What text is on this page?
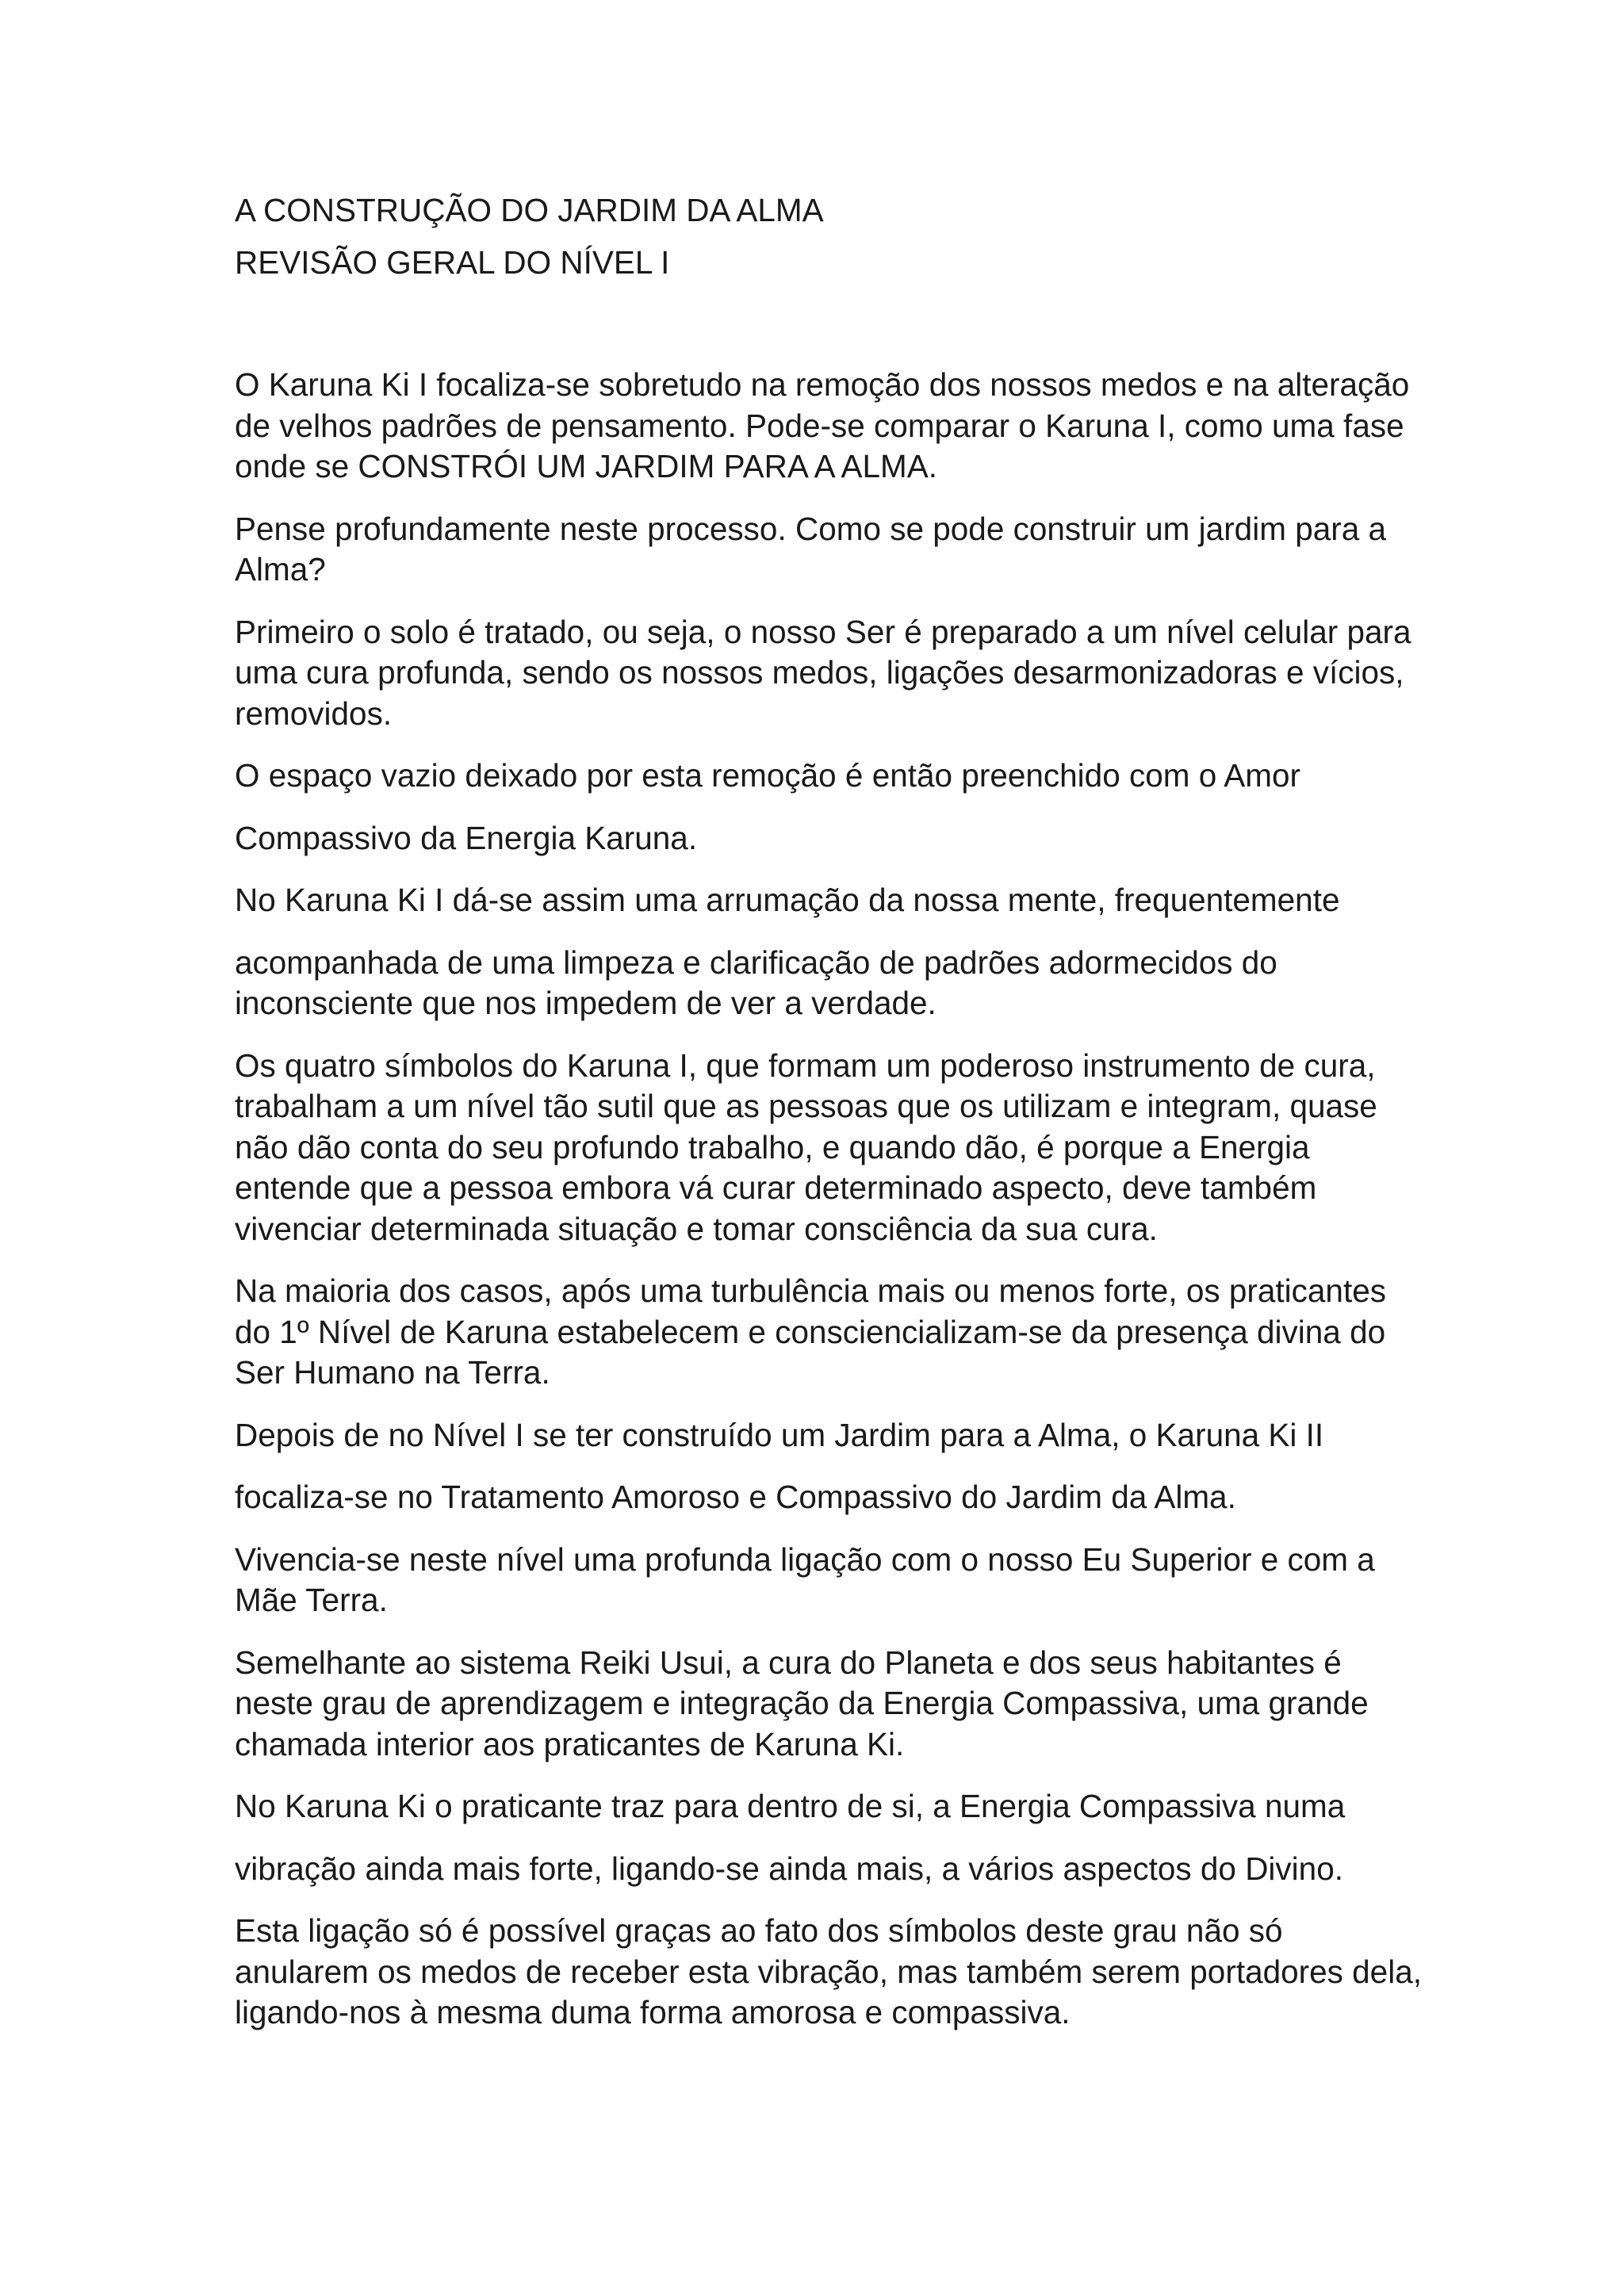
A CONSTRUÇÃO DO JARDIM DA ALMA

REVISÃO GERAL DO NÍVEL I

O Karuna Ki I focaliza-se sobretudo na remoção dos nossos medos e na alteração de velhos padrões de pensamento. Pode-se comparar o Karuna I, como uma fase onde se CONSTRÓI UM JARDIM PARA A ALMA.

Pense profundamente neste processo. Como se pode construir um jardim para a Alma?

Primeiro o solo é tratado, ou seja, o nosso Ser é preparado a um nível celular para uma cura profunda, sendo os nossos medos, ligações desarmonizadoras e vícios, removidos.

O espaço vazio deixado por esta remoção é então preenchido com o Amor

Compassivo da Energia Karuna.

No Karuna Ki I dá-se assim uma arrumação da nossa mente, frequentemente

acompanhada de uma limpeza e clarificação de padrões adormecidos do inconsciente que nos impedem de ver a verdade.

Os quatro símbolos do Karuna I, que formam um poderoso instrumento de cura, trabalham a um nível tão sutil que as pessoas que os utilizam e integram, quase não dão conta do seu profundo trabalho, e quando dão, é porque a Energia entende que a pessoa embora vá curar determinado aspecto, deve também vivenciar determinada situação e tomar consciência da sua cura.

Na maioria dos casos, após uma turbulência mais ou menos forte, os praticantes do 1º Nível de Karuna estabelecem e consciencializam-se da presença divina do Ser Humano na Terra.

Depois de no Nível I se ter construído um Jardim para a Alma, o Karuna Ki II

focaliza-se no Tratamento Amoroso e Compassivo do Jardim da Alma.

Vivencia-se neste nível uma profunda ligação com o nosso Eu Superior e com a Mãe Terra.

Semelhante ao sistema Reiki Usui, a cura do Planeta e dos seus habitantes é neste grau de aprendizagem e integração da Energia Compassiva, uma grande chamada interior aos praticantes de Karuna Ki.

No Karuna Ki o praticante traz para dentro de si, a Energia Compassiva numa

vibração ainda mais forte, ligando-se ainda mais, a vários aspectos do Divino.

Esta ligação só é possível graças ao fato dos símbolos deste grau não só anularem os medos de receber esta vibração, mas também serem portadores dela, ligando-nos à mesma duma forma amorosa e compassiva.
